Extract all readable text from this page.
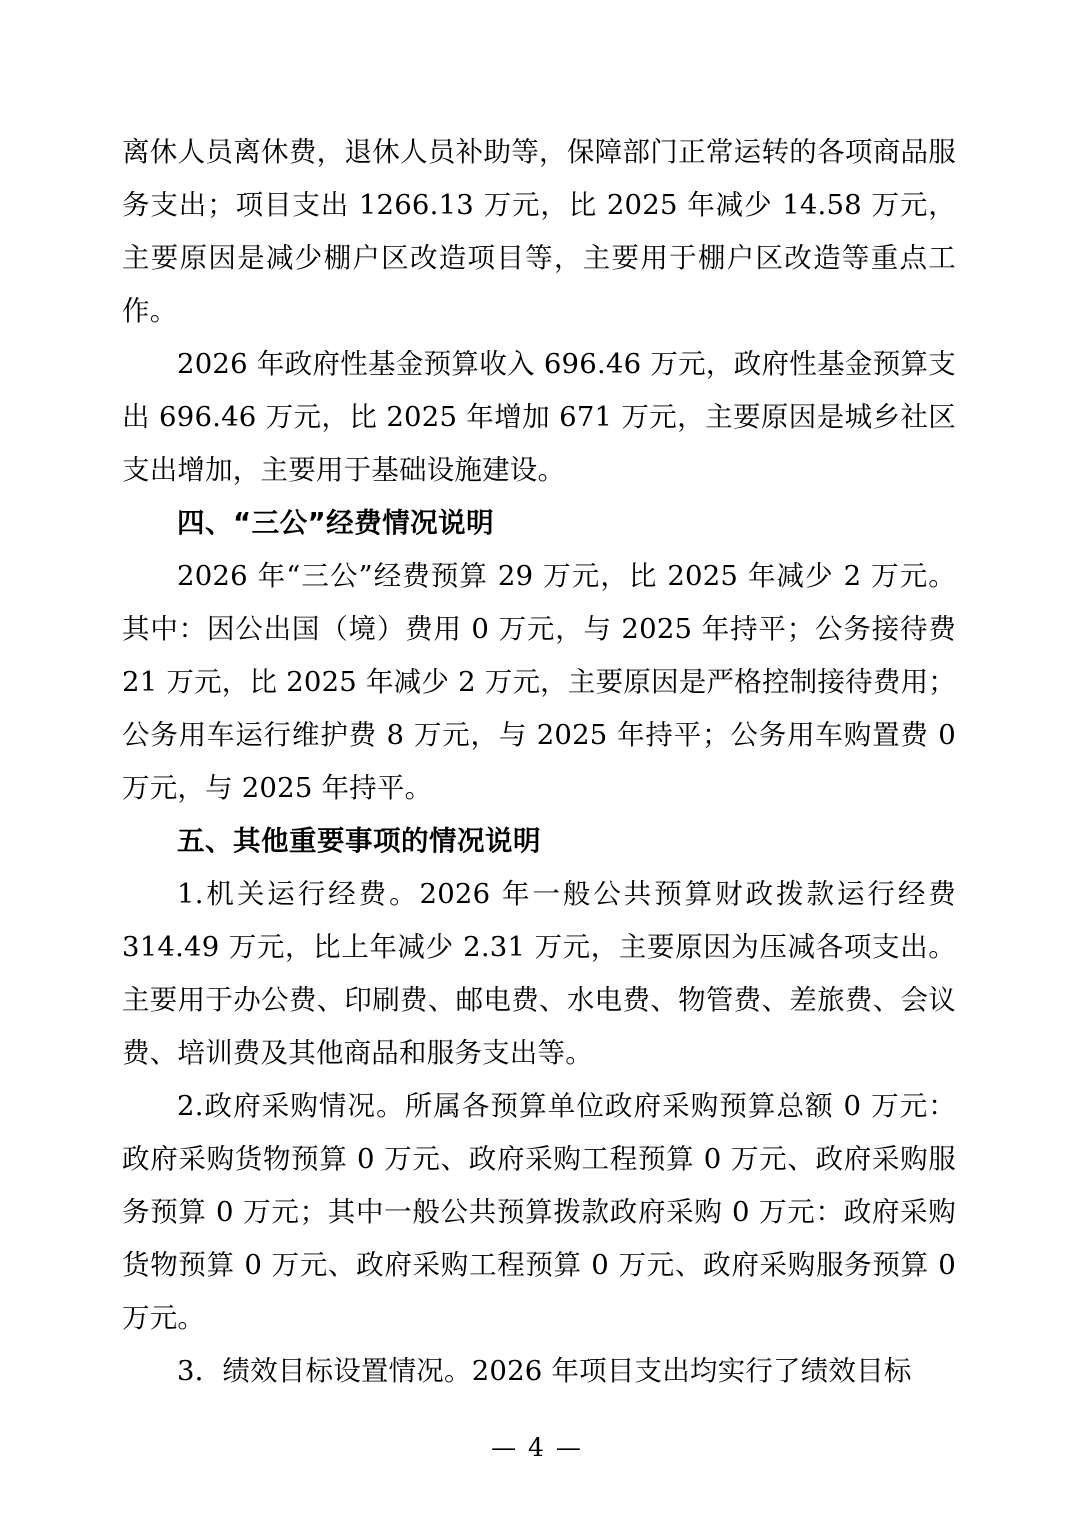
离休人员离休费，退休人员补助等，保障部门正常运转的各项商品服务支出；项目支出 1266.13 万元，比 2025 年减少 14.58 万元，主要原因是减少棚户区改造项目等，主要用于棚户区改造等重点工作。

2026 年政府性基金预算收入 696.46 万元，政府性基金预算支出 696.46 万元，比 2025 年增加 671 万元，主要原因是城乡社区支出增加，主要用于基础设施建设。

四、“三公”经费情况说明

2026 年“三公”经费预算 29 万元，比 2025 年减少 2 万元。其中：因公出国（境）费用 0 万元，与 2025 年持平；公务接待费 21 万元，比 2025 年减少 2 万元，主要原因是严格控制接待费用；公务用车运行维护费 8 万元，与 2025 年持平；公务用车购置费 0 万元，与 2025 年持平。

五、其他重要事项的情况说明

1.机关运行经费。2026 年一般公共预算财政拨款运行经费 314.49 万元，比上年减少 2.31 万元，主要原因为压减各项支出。主要用于办公费、印刷费、邮电费、水电费、物管费、差旅费、会议费、培训费及其他商品和服务支出等。

2.政府采购情况。所属各预算单位政府采购预算总额 0 万元：政府采购货物预算 0 万元、政府采购工程预算 0 万元、政府采购服务预算 0 万元；其中一般公共预算拨款政府采购 0 万元：政府采购货物预算 0 万元、政府采购工程预算 0 万元、政府采购服务预算 0 万元。

3．绩效目标设置情况。2026 年项目支出均实行了绩效目标

— 4 —
